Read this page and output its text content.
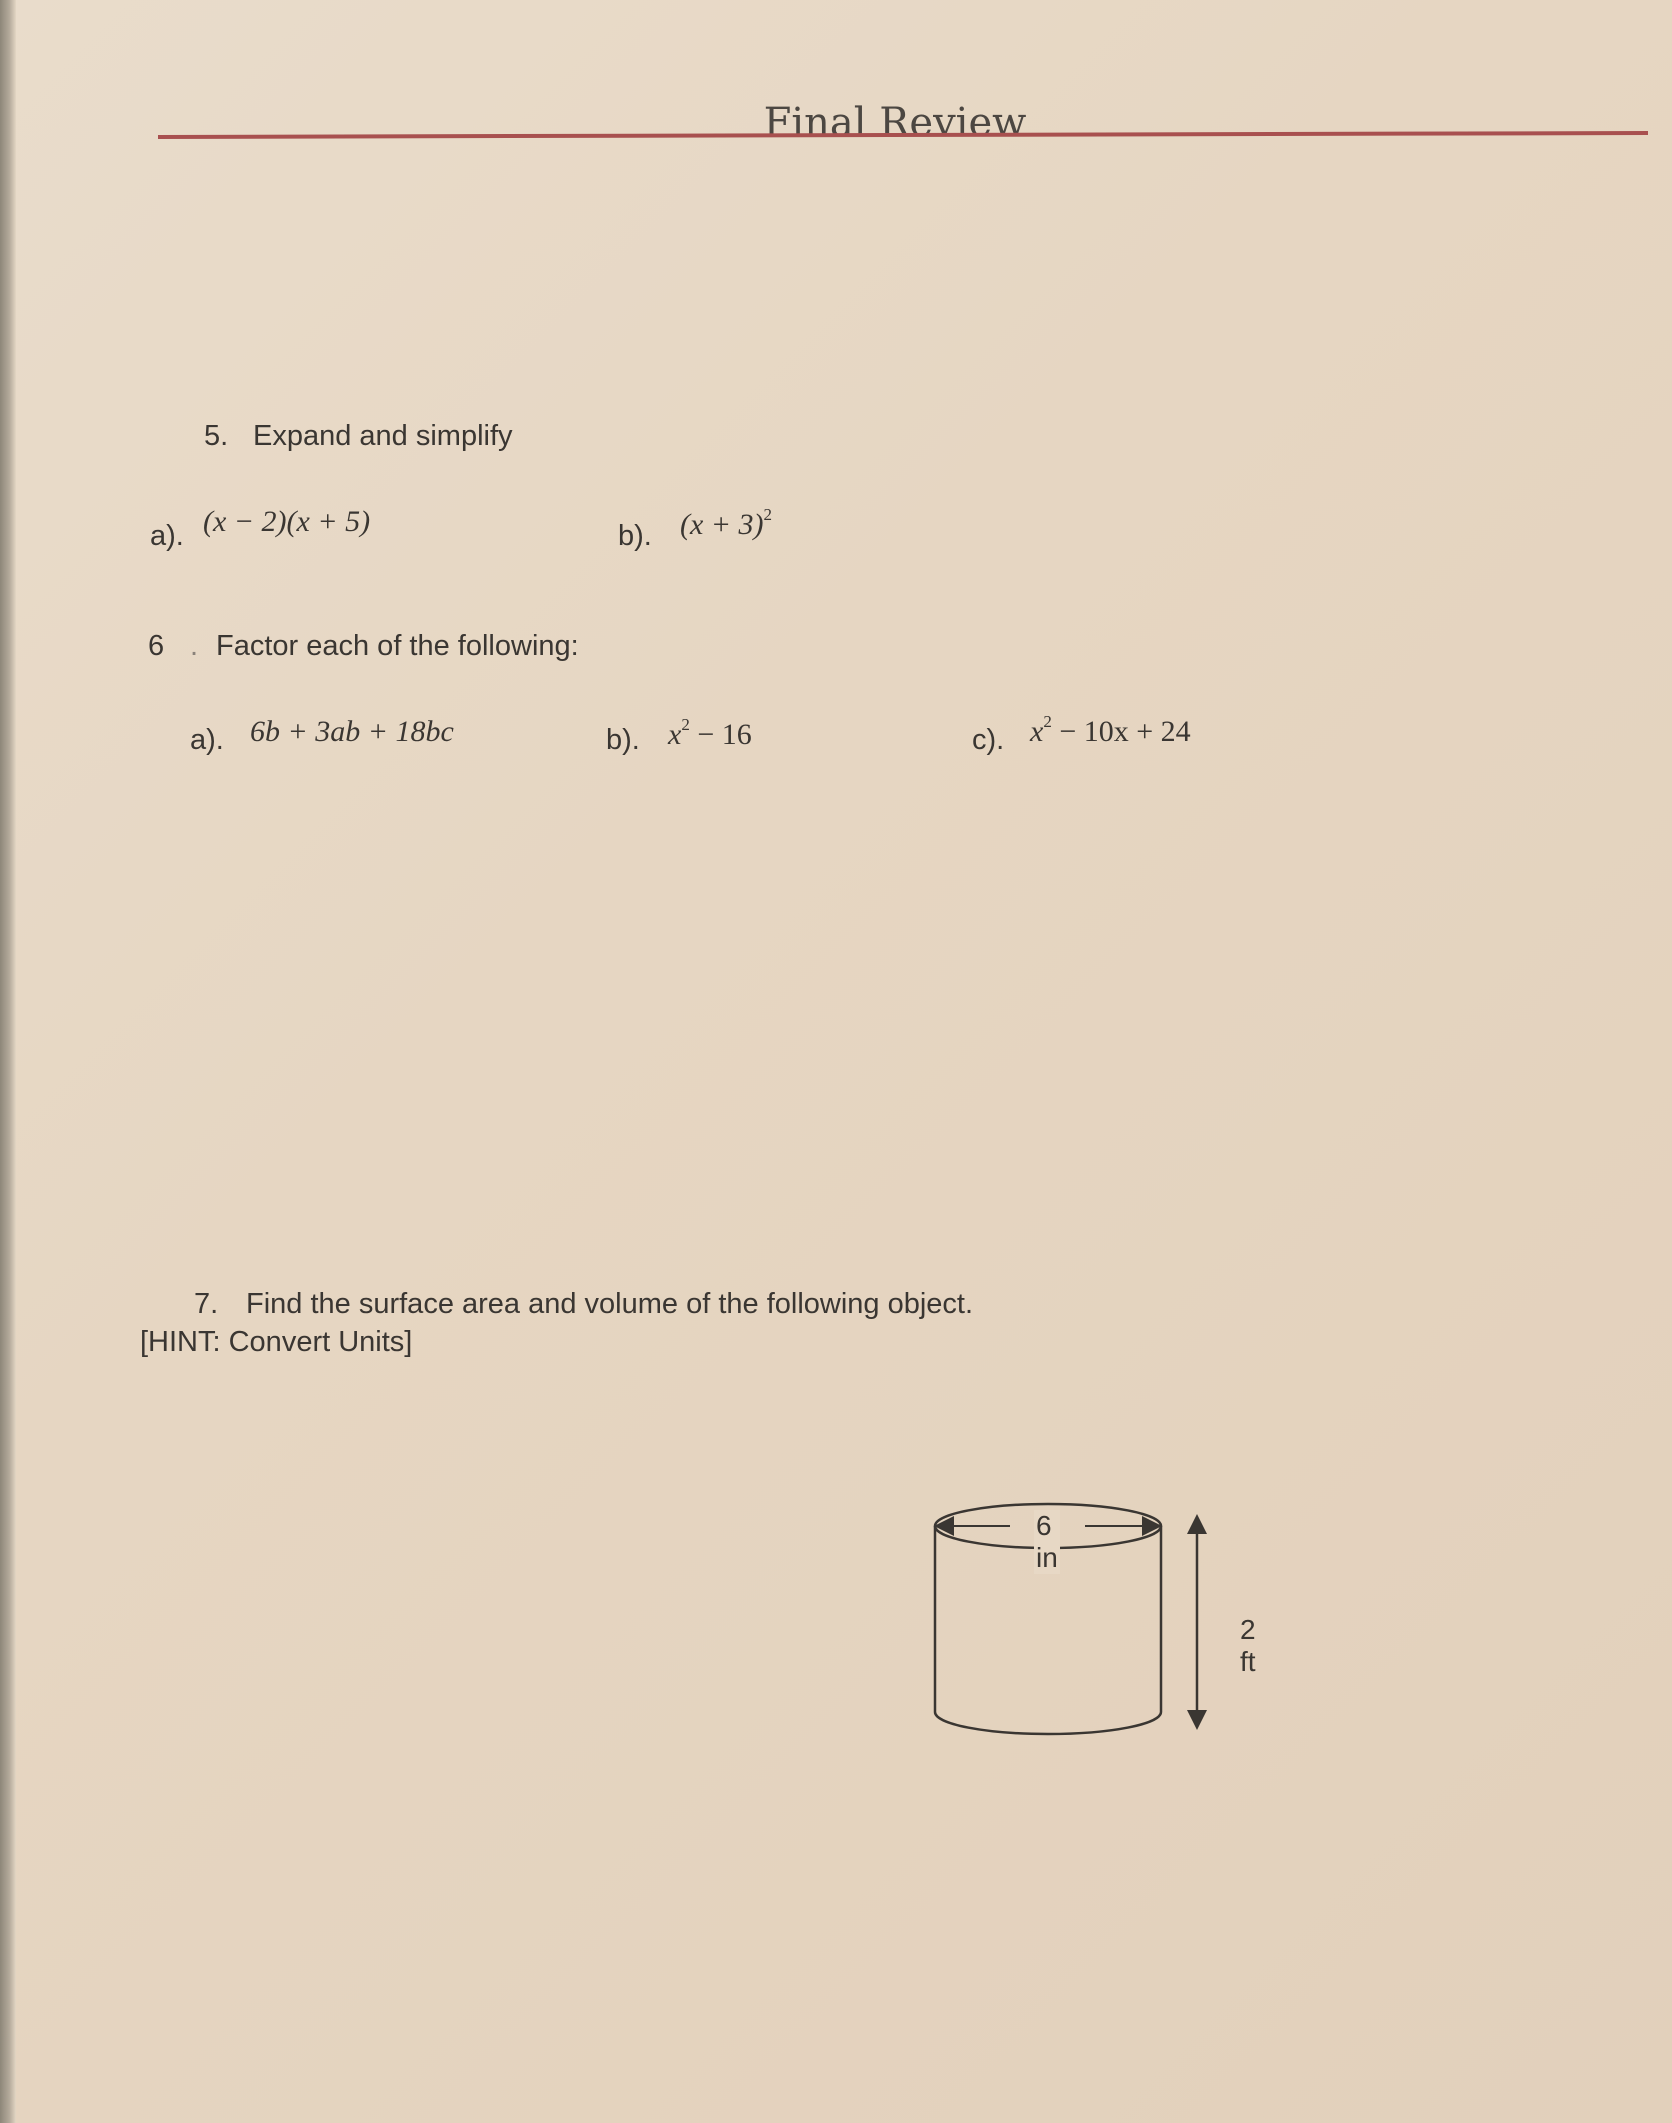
Final Review
5. Expand and simplify
a). (x − 2)(x + 5)	b). $(x + 3)^2$
6 . Factor each of the following:
a). 6b + 3ab + 18bc	b). $x^2 - 16$	c). $x^2 - 10x + 24$
7. Find the surface area and volume of the following object.
[HINT: Convert Units]
6 in
2 ft
